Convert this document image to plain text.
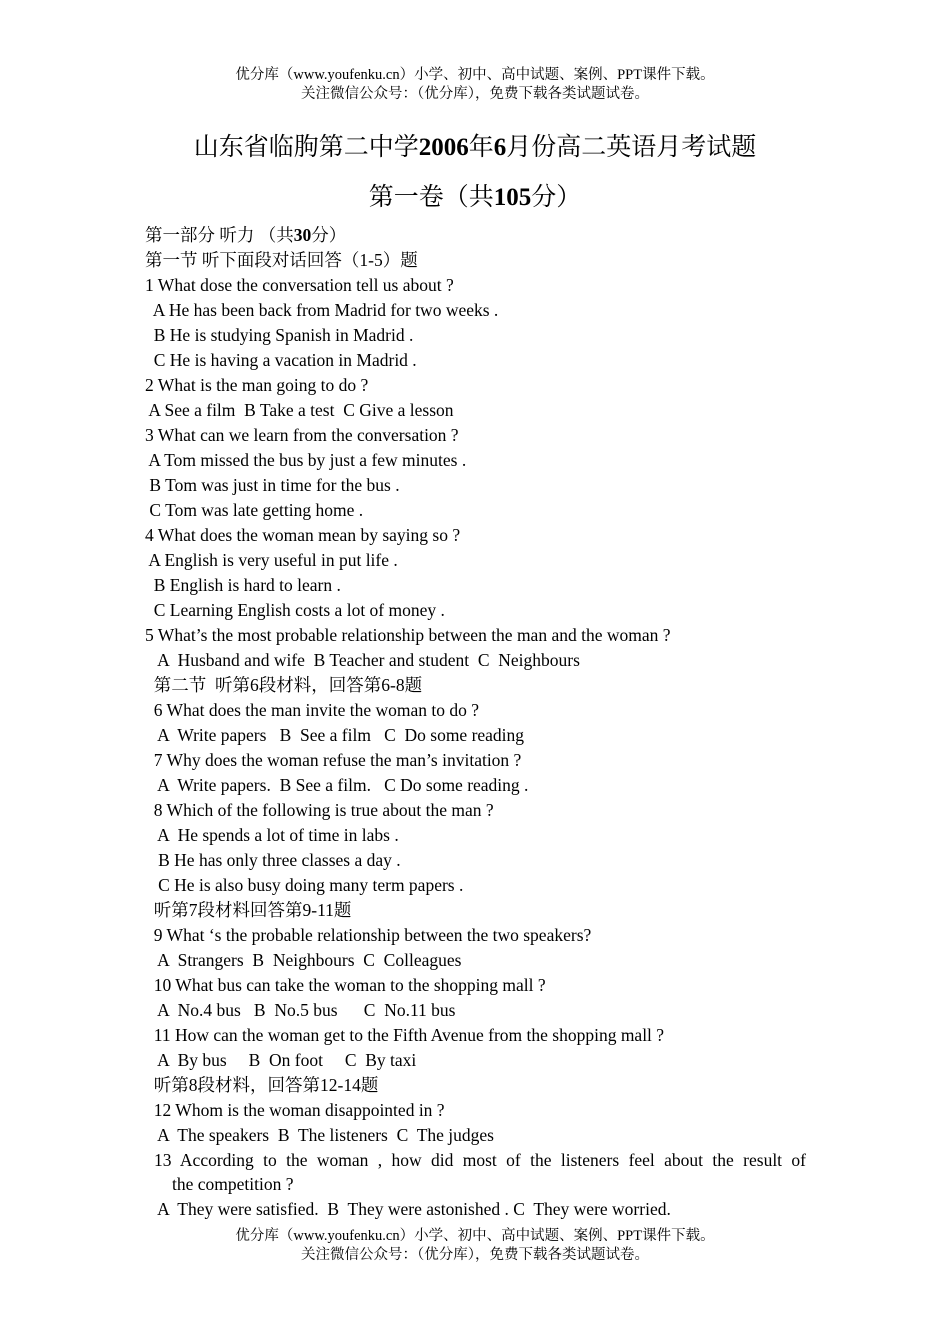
优分库（www.youfenku.cn）小学、初中、高中试题、案例、PPT课件下载。
关注微信公众号：（优分库），免费下载各类试题试卷。
山东省临朐第二中学2006年6月份高二英语月考试题
第一卷（共105分）
第一部分 听力 （共30分）
第一节 听下面段对话回答（1-5）题
1 What dose the conversation tell us about ?
A He has been back from Madrid for two weeks .
B He is studying Spanish in Madrid .
C He is having a vacation in Madrid .
2 What is the man going to do ?
A See a film  B Take a test  C Give a lesson
3 What can we learn from the conversation ?
A Tom missed the bus by just a few minutes .
B Tom was just in time for the bus .
C Tom was late getting home .
4 What does the woman mean by saying so ?
A English is very useful in put life .
B English is hard to learn .
C Learning English costs a lot of money .
5 What’s the most probable relationship between the man and the woman ?
A  Husband and wife  B Teacher and student  C  Neighbours
第二节  听第6段材料，回答第6-8题
6 What does the man invite the woman to do ?
A  Write papers   B  See a film   C  Do some reading
7 Why does the woman refuse the man’s invitation ?
A  Write papers.  B See a film.   C Do some reading .
8 Which of the following is true about the man ?
A  He spends a lot of time in labs .
B He has only three classes a day .
C He is also busy doing many term papers .
听第7段材料回答第9-11题
9 What ‘s the probable relationship between the two speakers?
A  Strangers  B  Neighbours  C  Colleagues
10 What bus can take the woman to the shopping mall ?
A  No.4 bus   B  No.5 bus      C  No.11 bus
11 How can the woman get to the Fifth Avenue from the shopping mall ?
A  By bus     B  On foot     C  By taxi
听第8段材料，回答第12-14题
12 Whom is the woman disappointed in ?
A  The speakers  B  The listeners  C  The judges
13 According to the woman , how did most of the listeners feel about the result of
the competition ?
A  They were satisfied.  B  They were astonished . C  They were worried.
优分库（www.youfenku.cn）小学、初中、高中试题、案例、PPT课件下载。
关注微信公众号：（优分库），免费下载各类试题试卷。
